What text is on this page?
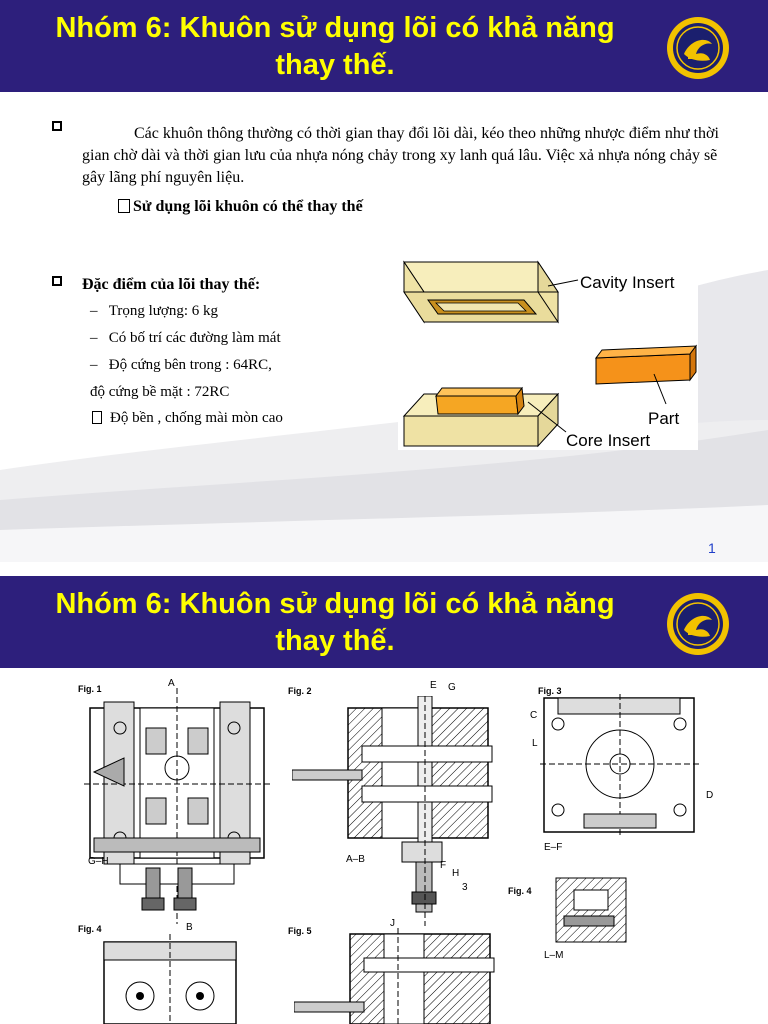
Nhóm 6: Khuôn sử dụng lõi có khả năng thay thế.
Các khuôn thông thường có thời gian thay đổi lõi dài, kéo theo những nhược điểm như thời gian chờ dài và thời gian lưu của nhựa nóng chảy trong xy lanh quá lâu. Việc xả nhựa nóng chảy sẽ gây lãng phí nguyên liệu.
Sử dụng lõi khuôn có thể thay thế
Đặc điểm của lõi thay thế:
–   Trọng lượng: 6 kg
–   Có bố trí các đường làm mát
–   Độ cứng bên trong : 64RC,
độ cứng bề mặt : 72RC
Độ bền , chống mài mòn cao
Cavity Insert
Part
Core Insert
1
Nhóm 6: Khuôn sử dụng lõi có khả năng thay thế.
Fig. 1	A
G–H
Fig. 2	E G
A–B
F
H
3
Fig. 3
C
L
D
E–F
Fig. 4
L–M
Fig. 4	B	Fig. 5
J
